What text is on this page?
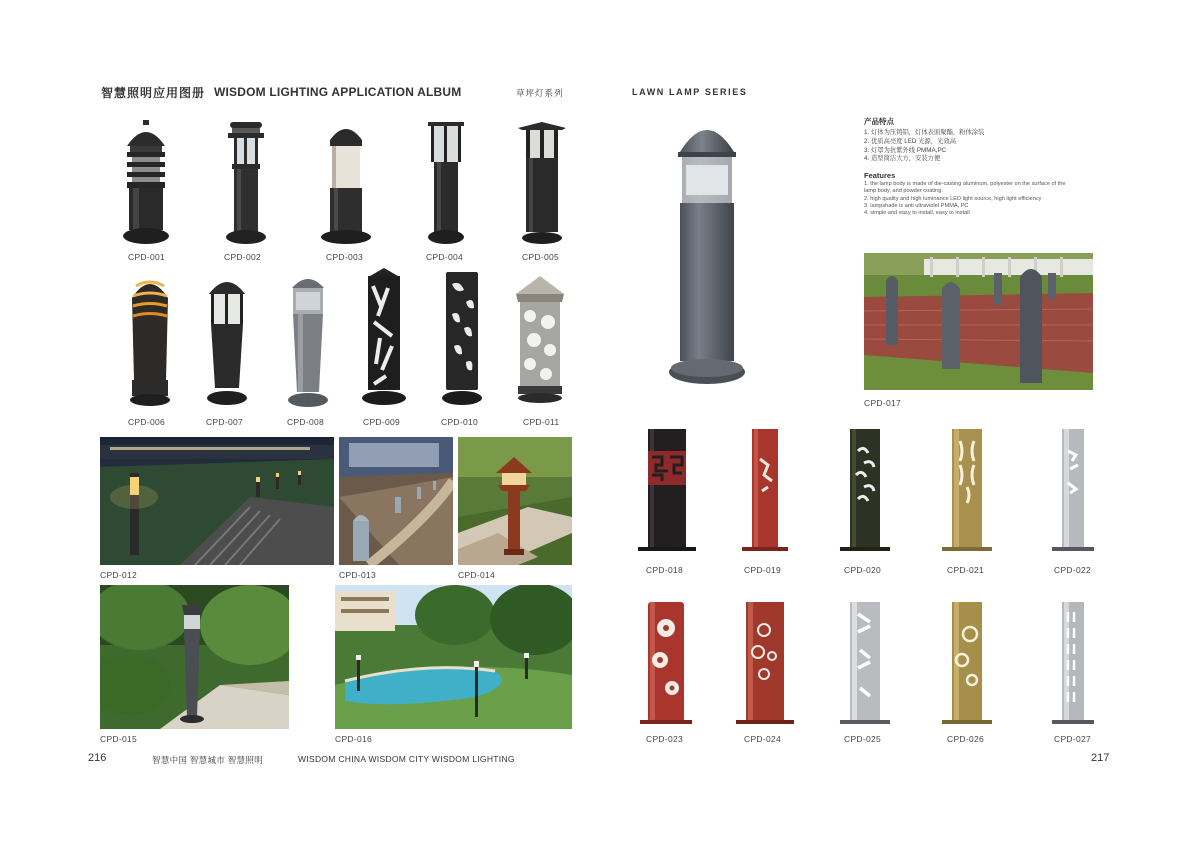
智慧照明应用图册 WISDOM LIGHTING APPLICATION ALBUM	草坪灯系列	LAWN LAMP SERIES
CPD-001	CPD-002	CPD-003	CPD-004	CPD-005
CPD-006	CPD-007	CPD-008	CPD-009	CPD-010	CPD-011
CPD-012	CPD-013	CPD-014
CPD-015	CPD-016
产品特点
1. 灯体为压铸铝，灯体表面聚酯，粉体涂装
2. 优质高亮度 LED 光源，光效高
3. 灯罩为抗紫外线 PMMA,PC
4. 造型简洁大方，安装方便
Features
1. the lamp body is made of die-casting aluminum, polyester on the surface of the
lamp body, and powder coating.
2. high quality and high luminance LED light source, high light efficiency
3. lampshade is anti ultraviolet PMMA, PC
4. simple and easy to install, easy to install
CPD-017
CPD-018	CPD-019	CPD-020	CPD-021	CPD-022
CPD-023	CPD-024	CPD-025	CPD-026	CPD-027
216	智慧中国 智慧城市 智慧照明	WISDOM CHINA WISDOM CITY WISDOM LIGHTING	217
